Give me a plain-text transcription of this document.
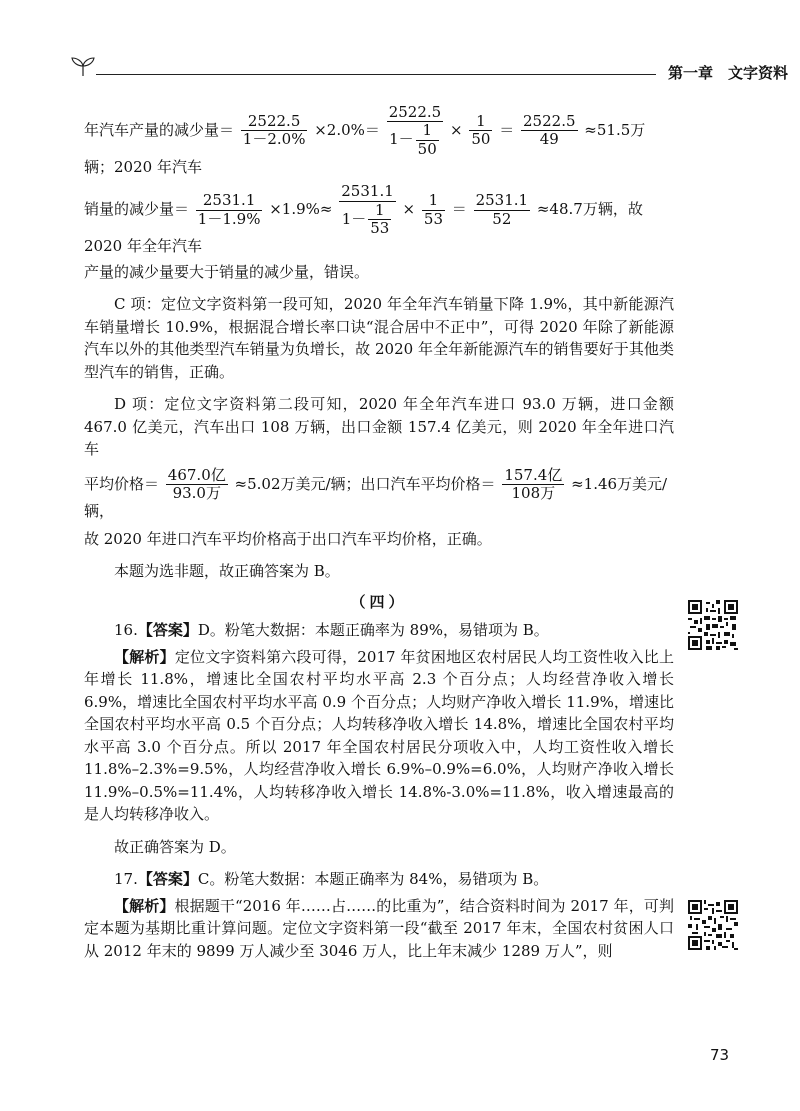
第一章　文字资料

年汽车产量的减少量＝ $\frac{2522.5}{1-2.0\%} \times 2.0\%= \frac{2522.5}{1- \frac{1}{50}} \times \frac{1}{50} = \frac{2522.5}{49} \approx 51.5$万辆；2020 年汽车

销量的减少量＝ $\frac{2531.1}{1-1.9\%} \times 1.9\%\approx \frac{2531.1}{1- \frac{1}{53}} \times \frac{1}{53} = \frac{2531.1}{52} \approx 48.7$万辆，故 2020 年全年汽车

产量的减少量要大于销量的减少量，错误。

C 项：定位文字资料第一段可知，2020 年全年汽车销量下降 1.9%，其中新能源汽车销量增长 10.9%，根据混合增长率口诀“混合居中不正中”，可得 2020 年除了新能源汽车以外的其他类型汽车销量为负增长，故 2020 年全年新能源汽车的销售要好于其他类型汽车的销售，正确。

D 项：定位文字资料第二段可知，2020 年全年汽车进口 93.0 万辆，进口金额 467.0 亿美元，汽车出口 108 万辆，出口金额 157.4 亿美元，则 2020 年全年进口汽车

平均价格＝ $\frac{\text{467.0亿}}{\text{93.0万}} \approx 5.02$万美元/辆；出口汽车平均价格＝ $\frac{\text{157.4亿}}{\text{108万}} \approx 1.46$万美元/辆，

故 2020 年进口汽车平均价格高于出口汽车平均价格，正确。

本题为选非题，故正确答案为 B。

（四）

16.【答案】D。粉笔大数据：本题正确率为 89%，易错项为 B。

【解析】定位文字资料第六段可得，2017 年贫困地区农村居民人均工资性收入比上年增长 11.8%，增速比全国农村平均水平高 2.3 个百分点；人均经营净收入增长 6.9%，增速比全国农村平均水平高 0.9 个百分点；人均财产净收入增长 11.9%，增速比全国农村平均水平高 0.5 个百分点；人均转移净收入增长 14.8%，增速比全国农村平均水平高 3.0 个百分点。所以 2017 年全国农村居民分项收入中，人均工资性收入增长 11.8%–2.3%=9.5%，人均经营净收入增长 6.9%–0.9%=6.0%，人均财产净收入增长 11.9%–0.5%=11.4%，人均转移净收入增长 14.8%-3.0%=11.8%，收入增速最高的是人均转移净收入。

故正确答案为 D。

17.【答案】C。粉笔大数据：本题正确率为 84%，易错项为 B。

【解析】根据题干“2016 年……占……的比重为”，结合资料时间为 2017 年，可判定本题为基期比重计算问题。定位文字资料第一段“截至 2017 年末，全国农村贫困人口从 2012 年末的 9899 万人减少至 3046 万人，比上年末减少 1289 万人”，则

73
